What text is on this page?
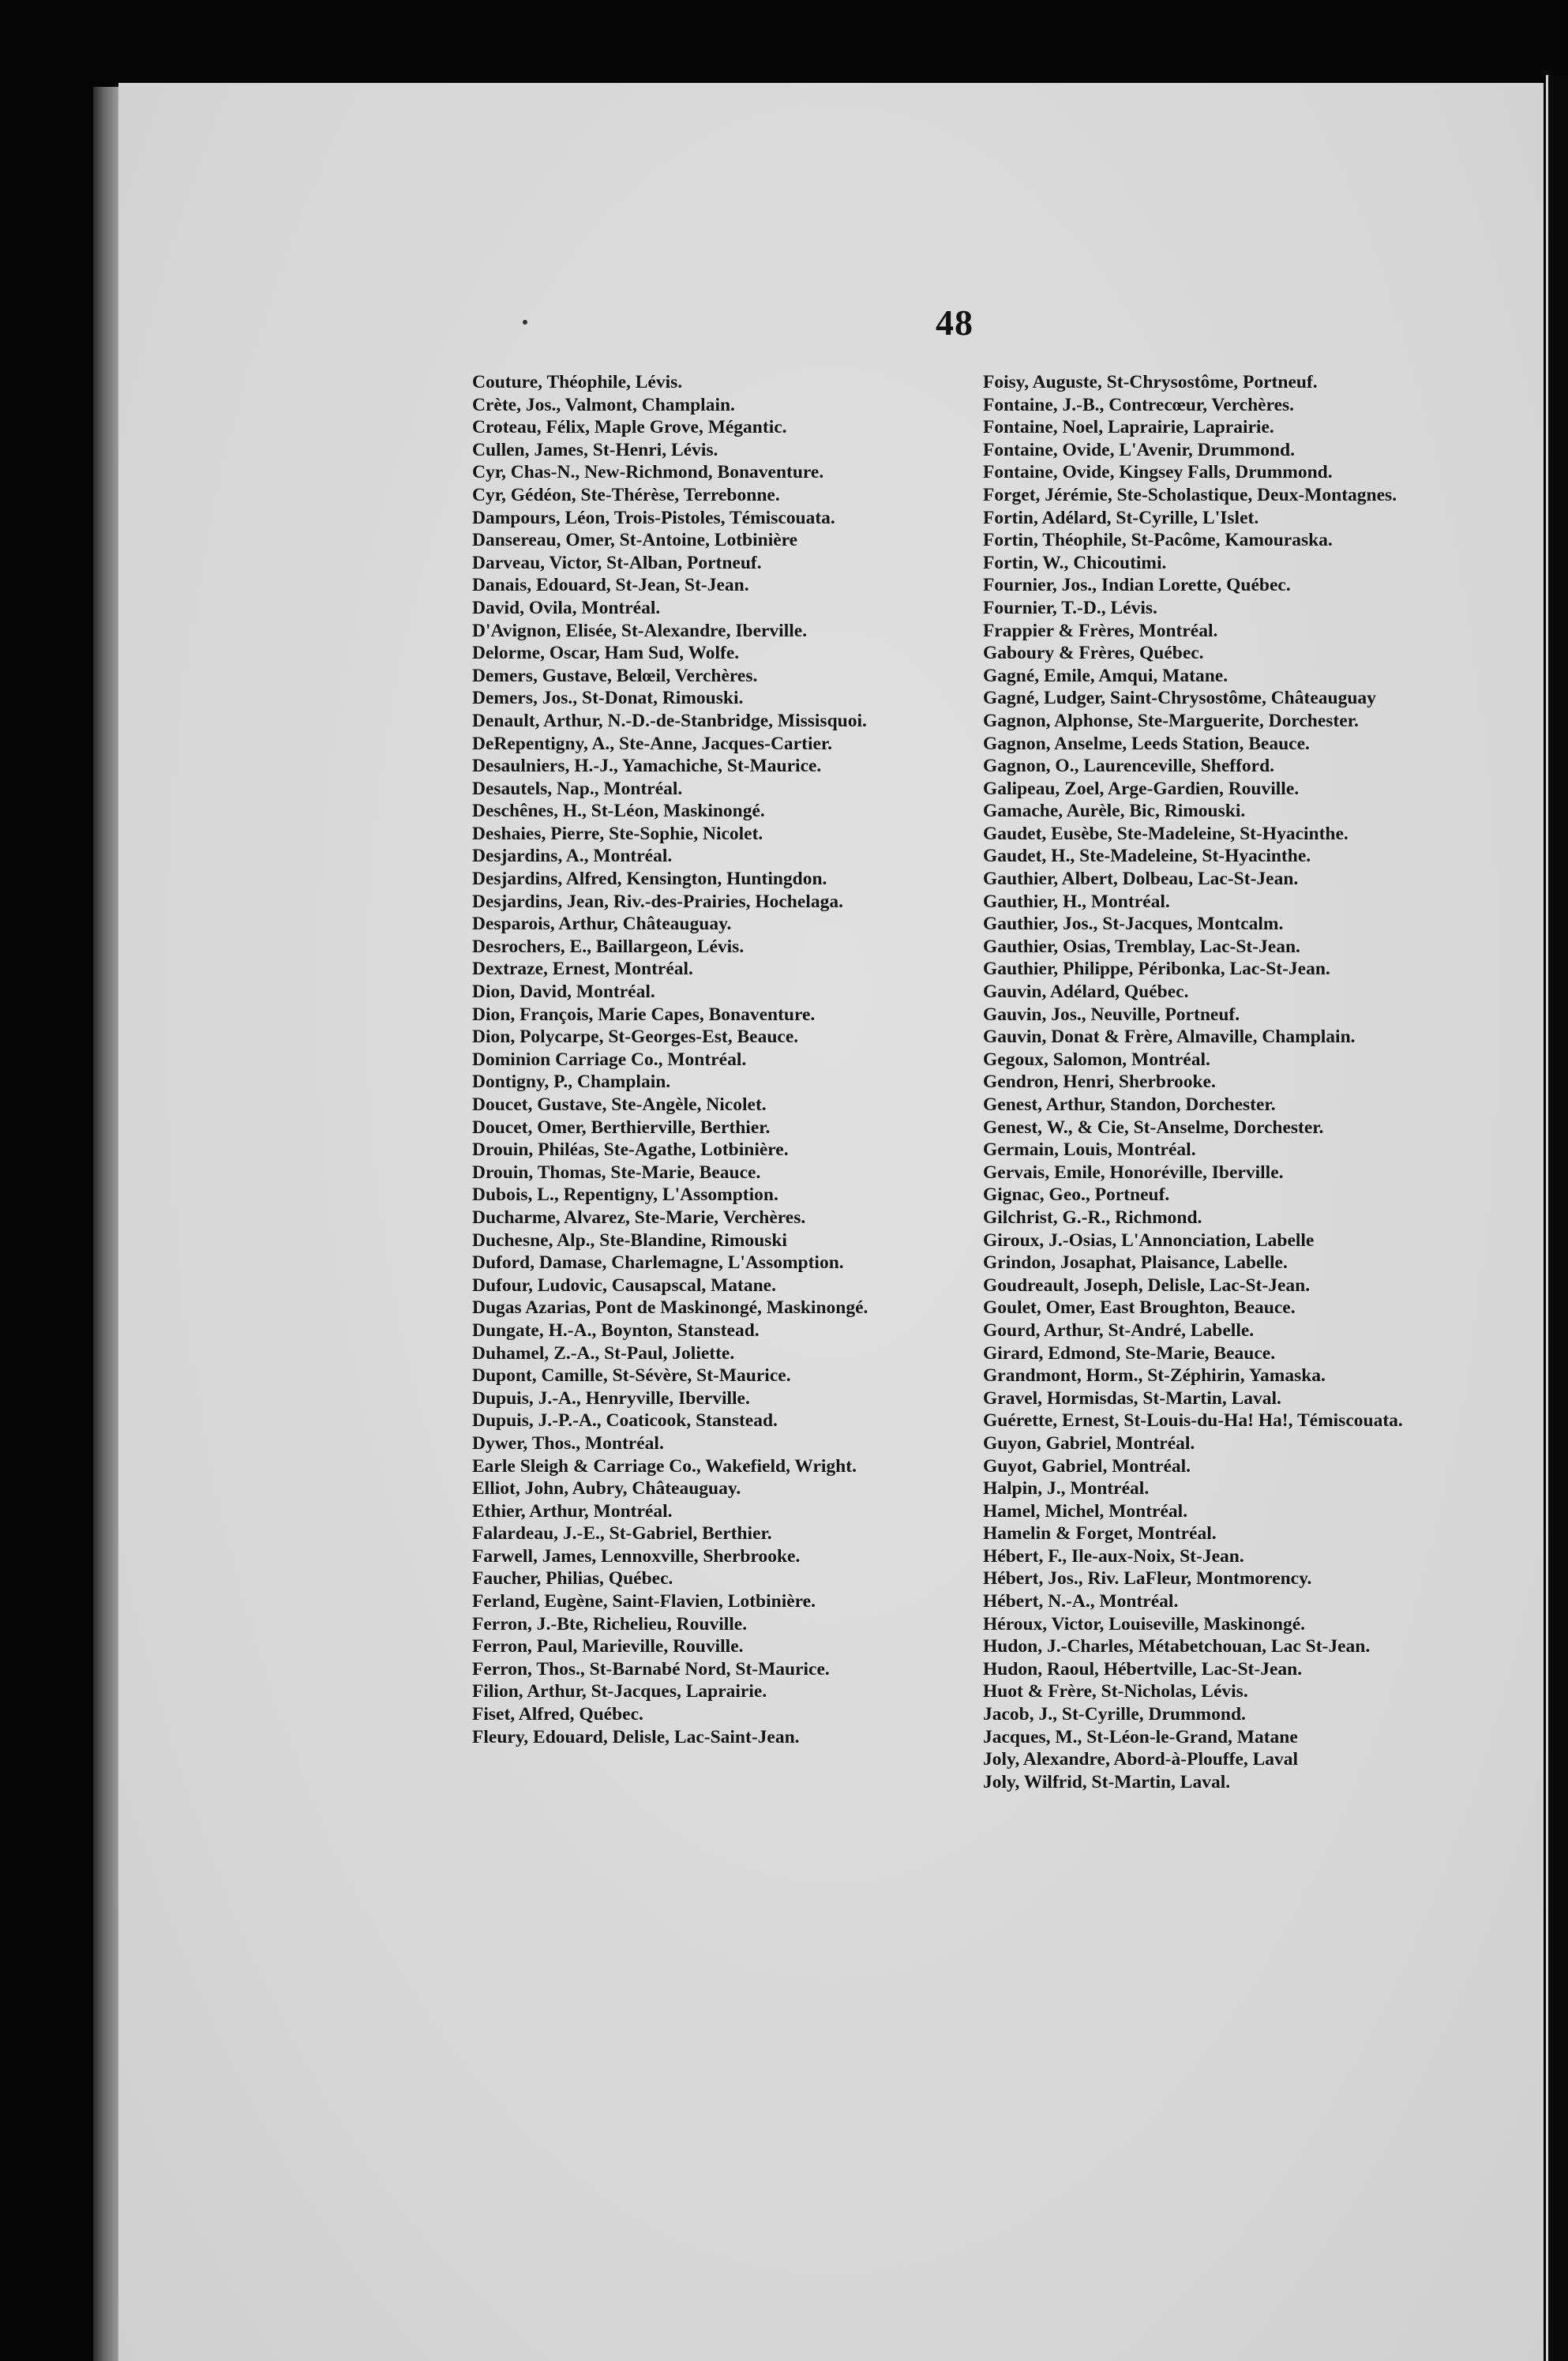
48
Couture, Théophile, Lévis.
Crète, Jos., Valmont, Champlain.
Croteau, Félix, Maple Grove, Mégantic.
Cullen, James, St-Henri, Lévis.
Cyr, Chas-N., New-Richmond, Bonaventure.
Cyr, Gédéon, Ste-Thérèse, Terrebonne.
Dampours, Léon, Trois-Pistoles, Témiscouata.
Dansereau, Omer, St-Antoine, Lotbinière
Darveau, Victor, St-Alban, Portneuf.
Danais, Edouard, St-Jean, St-Jean.
David, Ovila, Montréal.
D'Avignon, Elisée, St-Alexandre, Iberville.
Delorme, Oscar, Ham Sud, Wolfe.
Demers, Gustave, Belœil, Verchères.
Demers, Jos., St-Donat, Rimouski.
Denault, Arthur, N.-D.-de-Stanbridge, Missisquoi.
DeRepentigny, A., Ste-Anne, Jacques-Cartier.
Desaulniers, H.-J., Yamachiche, St-Maurice.
Desautels, Nap., Montréal.
Deschênes, H., St-Léon, Maskinongé.
Deshaies, Pierre, Ste-Sophie, Nicolet.
Desjardins, A., Montréal.
Desjardins, Alfred, Kensington, Huntingdon.
Desjardins, Jean, Riv.-des-Prairies, Hochelaga.
Desparois, Arthur, Châteauguay.
Desrochers, E., Baillargeon, Lévis.
Dextraze, Ernest, Montréal.
Dion, David, Montréal.
Dion, François, Marie Capes, Bonaventure.
Dion, Polycarpe, St-Georges-Est, Beauce.
Dominion Carriage Co., Montréal.
Dontigny, P., Champlain.
Doucet, Gustave, Ste-Angèle, Nicolet.
Doucet, Omer, Berthierville, Berthier.
Drouin, Philéas, Ste-Agathe, Lotbinière.
Drouin, Thomas, Ste-Marie, Beauce.
Dubois, L., Repentigny, L'Assomption.
Ducharme, Alvarez, Ste-Marie, Verchères.
Duchesne, Alp., Ste-Blandine, Rimouski
Duford, Damase, Charlemagne, L'Assomption.
Dufour, Ludovic, Causapscal, Matane.
Dugas Azarias, Pont de Maskinongé, Maskinongé.
Dungate, H.-A., Boynton, Stanstead.
Duhamel, Z.-A., St-Paul, Joliette.
Dupont, Camille, St-Sévère, St-Maurice.
Dupuis, J.-A., Henryville, Iberville.
Dupuis, J.-P.-A., Coaticook, Stanstead.
Dywer, Thos., Montréal.
Earle Sleigh & Carriage Co., Wakefield, Wright.
Elliot, John, Aubry, Châteauguay.
Ethier, Arthur, Montréal.
Falardeau, J.-E., St-Gabriel, Berthier.
Farwell, James, Lennoxville, Sherbrooke.
Faucher, Philias, Québec.
Ferland, Eugène, Saint-Flavien, Lotbinière.
Ferron, J.-Bte, Richelieu, Rouville.
Ferron, Paul, Marieville, Rouville.
Ferron, Thos., St-Barnabé Nord, St-Maurice.
Filion, Arthur, St-Jacques, Laprairie.
Fiset, Alfred, Québec.
Fleury, Edouard, Delisle, Lac-Saint-Jean.
Foisy, Auguste, St-Chrysostôme, Portneuf.
Fontaine, J.-B., Contrecœur, Verchères.
Fontaine, Noel, Laprairie, Laprairie.
Fontaine, Ovide, L'Avenir, Drummond.
Fontaine, Ovide, Kingsey Falls, Drummond.
Forget, Jérémie, Ste-Scholastique, Deux-Montagnes.
Fortin, Adélard, St-Cyrille, L'Islet.
Fortin, Théophile, St-Pacôme, Kamouraska.
Fortin, W., Chicoutimi.
Fournier, Jos., Indian Lorette, Québec.
Fournier, T.-D., Lévis.
Frappier & Frères, Montréal.
Gaboury & Frères, Québec.
Gagné, Emile, Amqui, Matane.
Gagné, Ludger, Saint-Chrysostôme, Châteauguay
Gagnon, Alphonse, Ste-Marguerite, Dorchester.
Gagnon, Anselme, Leeds Station, Beauce.
Gagnon, O., Laurenceville, Shefford.
Galipeau, Zoel, Arge-Gardien, Rouville.
Gamache, Aurèle, Bic, Rimouski.
Gaudet, Eusèbe, Ste-Madeleine, St-Hyacinthe.
Gaudet, H., Ste-Madeleine, St-Hyacinthe.
Gauthier, Albert, Dolbeau, Lac-St-Jean.
Gauthier, H., Montréal.
Gauthier, Jos., St-Jacques, Montcalm.
Gauthier, Osias, Tremblay, Lac-St-Jean.
Gauthier, Philippe, Péribonka, Lac-St-Jean.
Gauvin, Adélard, Québec.
Gauvin, Jos., Neuville, Portneuf.
Gauvin, Donat & Frère, Almaville, Champlain.
Gegoux, Salomon, Montréal.
Gendron, Henri, Sherbrooke.
Genest, Arthur, Standon, Dorchester.
Genest, W., & Cie, St-Anselme, Dorchester.
Germain, Louis, Montréal.
Gervais, Emile, Honoréville, Iberville.
Gignac, Geo., Portneuf.
Gilchrist, G.-R., Richmond.
Giroux, J.-Osias, L'Annonciation, Labelle
Grindon, Josaphat, Plaisance, Labelle.
Goudreault, Joseph, Delisle, Lac-St-Jean.
Goulet, Omer, East Broughton, Beauce.
Gourd, Arthur, St-André, Labelle.
Girard, Edmond, Ste-Marie, Beauce.
Grandmont, Horm., St-Zéphirin, Yamaska.
Gravel, Hormisdas, St-Martin, Laval.
Guérette, Ernest, St-Louis-du-Ha! Ha!, Témiscouata.
Guyon, Gabriel, Montréal.
Guyot, Gabriel, Montréal.
Halpin, J., Montréal.
Hamel, Michel, Montréal.
Hamelin & Forget, Montréal.
Hébert, F., Ile-aux-Noix, St-Jean.
Hébert, Jos., Riv. LaFleur, Montmorency.
Hébert, N.-A., Montréal.
Héroux, Victor, Louiseville, Maskinongé.
Hudon, J.-Charles, Métabetchouan, Lac St-Jean.
Hudon, Raoul, Hébertville, Lac-St-Jean.
Huot & Frère, St-Nicholas, Lévis.
Jacob, J., St-Cyrille, Drummond.
Jacques, M., St-Léon-le-Grand, Matane
Joly, Alexandre, Abord-à-Plouffe, Laval
Joly, Wilfrid, St-Martin, Laval.
